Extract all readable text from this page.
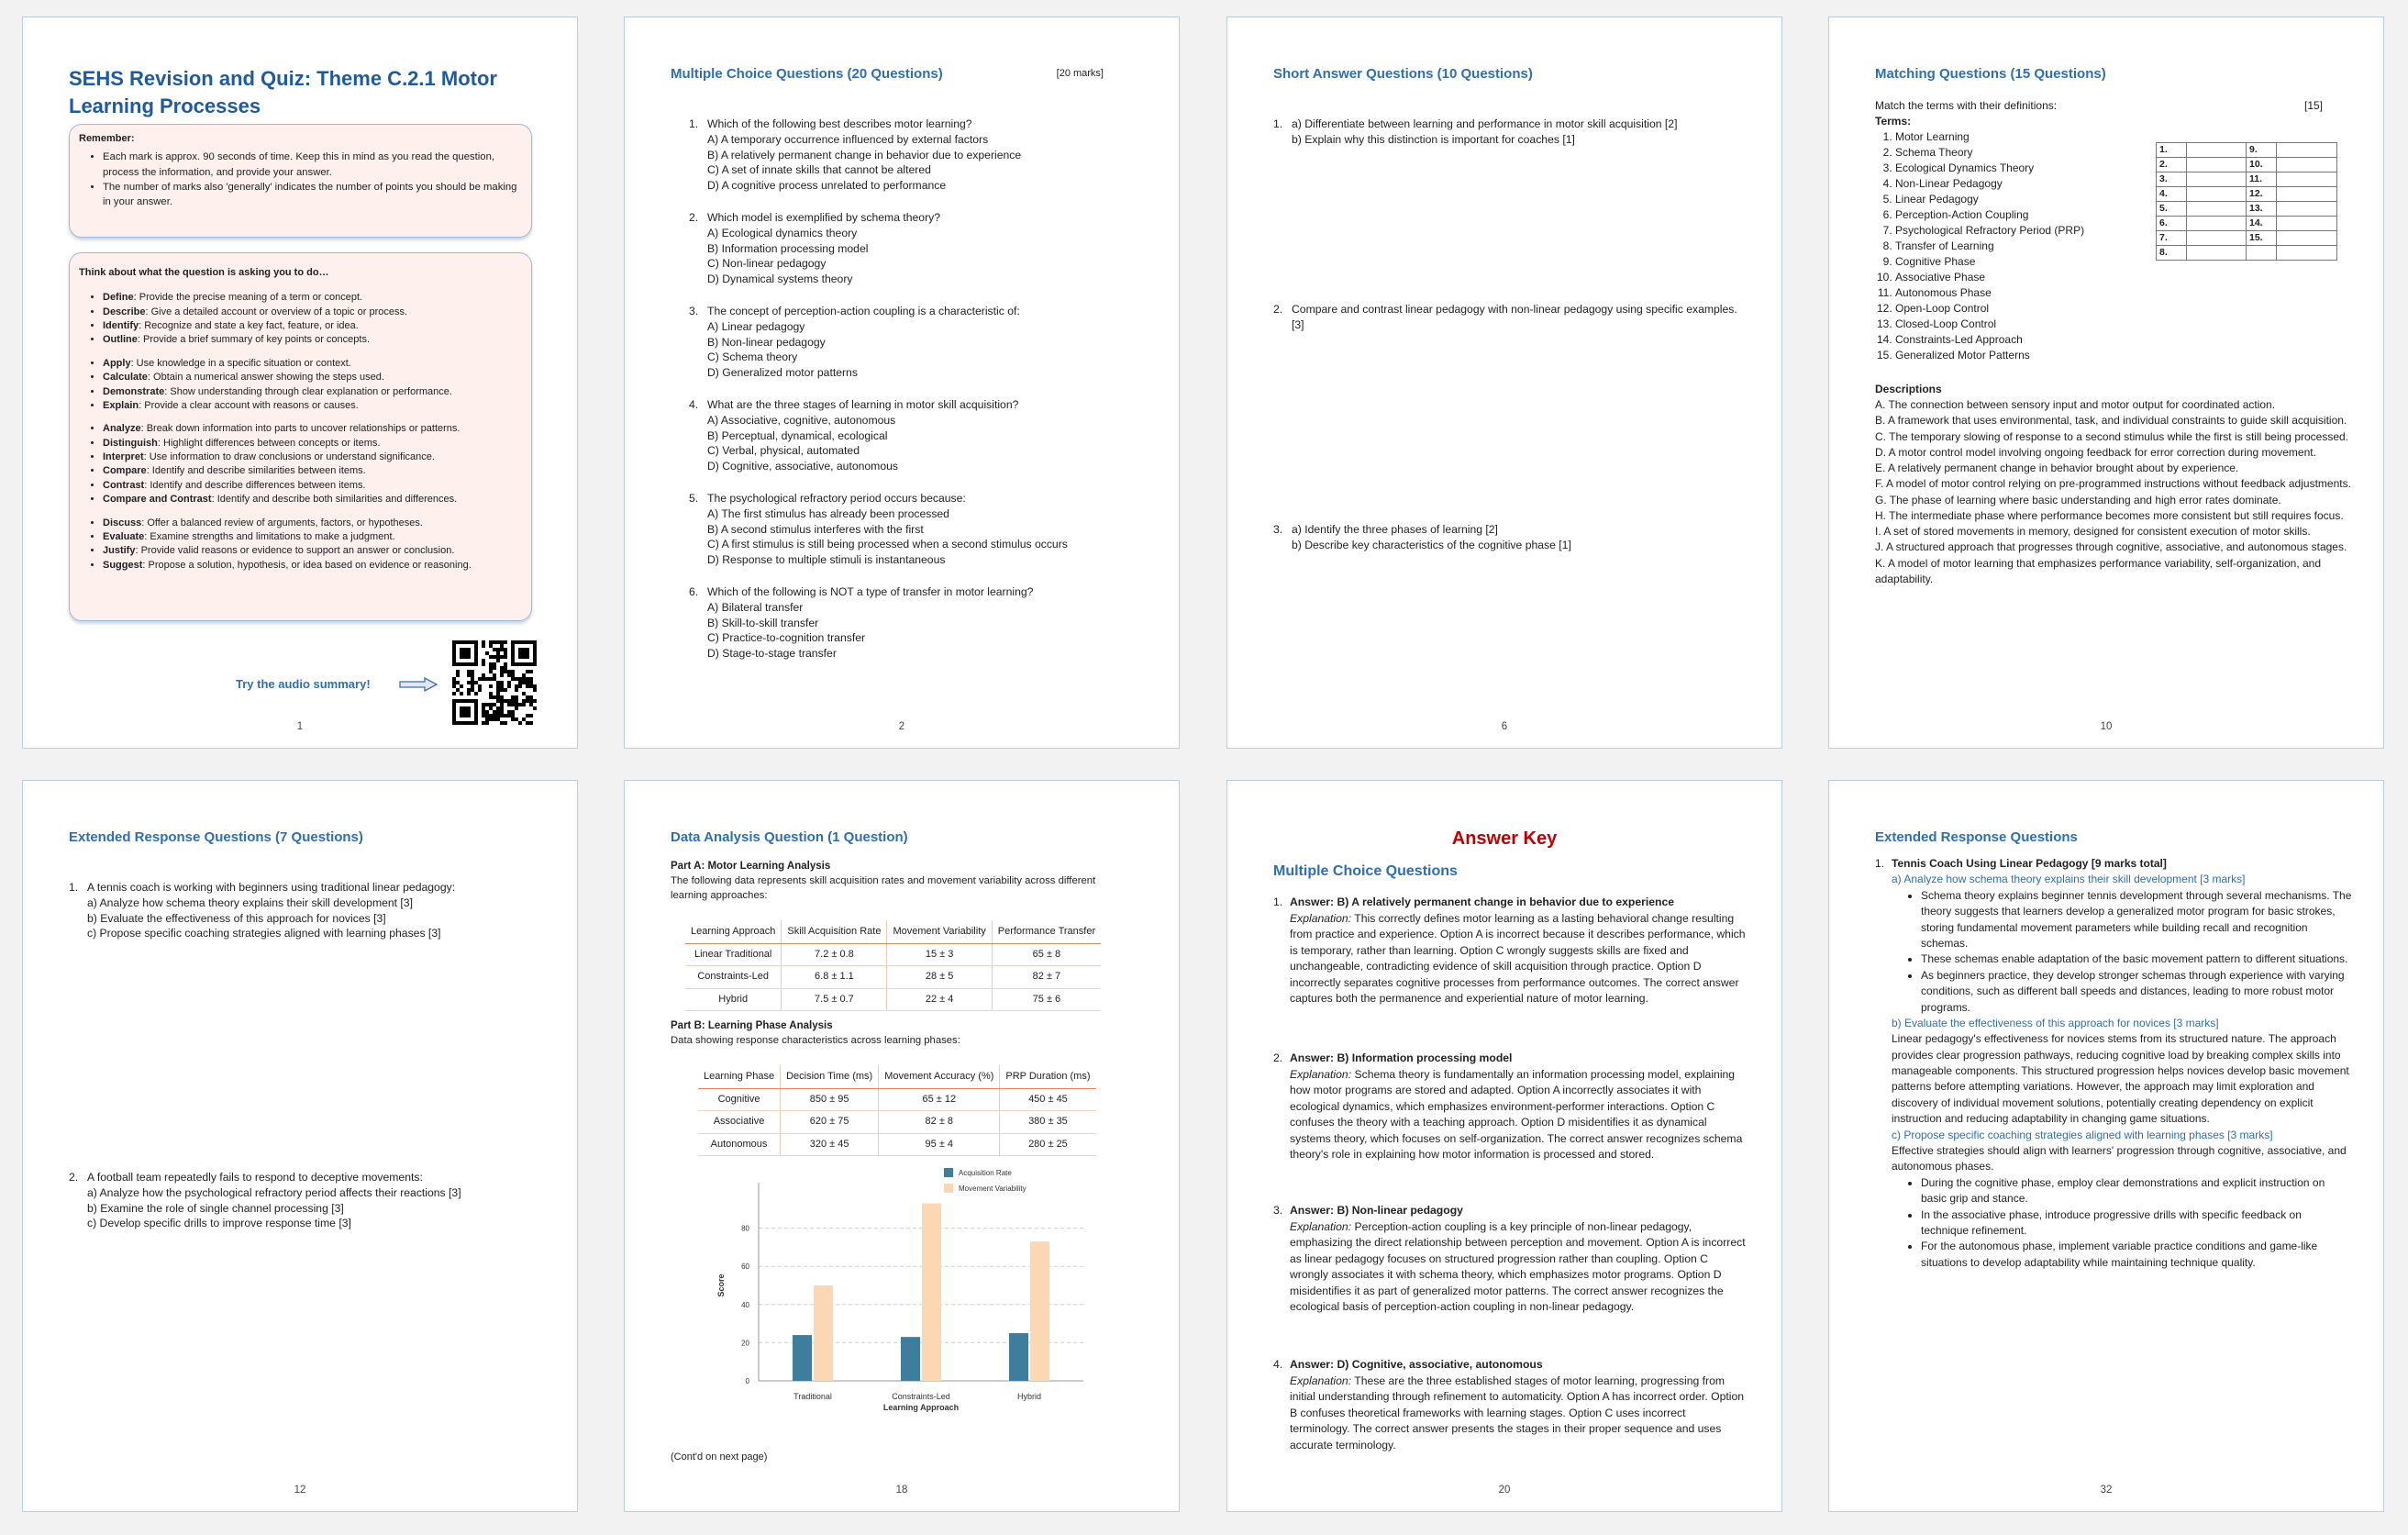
SEHS Revision and Quiz: Theme C.2.1 Motor Learning Processes
Remember:
• Each mark is approx. 90 seconds of time. Keep this in mind as you read the question, process the information, and provide your answer.
• The number of marks also 'generally' indicates the number of points you should be making in your answer.
Think about what the question is asking you to do…
• Define: Provide the precise meaning of a term or concept.
• Describe: Give a detailed account or overview of a topic or process.
• Identify: Recognize and state a key fact, feature, or idea.
• Outline: Provide a brief summary of key points or concepts.
• Apply: Use knowledge in a specific situation or context.
• Calculate: Obtain a numerical answer showing the steps used.
• Demonstrate: Show understanding through clear explanation or performance.
• Explain: Provide a clear account with reasons or causes.
• Analyze: Break down information into parts to uncover relationships or patterns.
• Distinguish: Highlight differences between concepts or items.
• Interpret: Use information to draw conclusions or understand significance.
• Compare: Identify and describe similarities between items.
• Contrast: Identify and describe differences between items.
• Compare and Contrast: Identify and describe both similarities and differences.
• Discuss: Offer a balanced review of arguments, factors, or hypotheses.
• Evaluate: Examine strengths and limitations to make a judgment.
• Justify: Provide valid reasons or evidence to support an answer or conclusion.
• Suggest: Propose a solution, hypothesis, or idea based on evidence or reasoning.
Try the audio summary!
1
Multiple Choice Questions (20 Questions)	[20 marks]
1. Which of the following best describes motor learning?
A) A temporary occurrence influenced by external factors
B) A relatively permanent change in behavior due to experience
C) A set of innate skills that cannot be altered
D) A cognitive process unrelated to performance
2. Which model is exemplified by schema theory?
A) Ecological dynamics theory
B) Information processing model
C) Non-linear pedagogy
D) Dynamical systems theory
3. The concept of perception-action coupling is a characteristic of:
A) Linear pedagogy
B) Non-linear pedagogy
C) Schema theory
D) Generalized motor patterns
4. What are the three stages of learning in motor skill acquisition?
A) Associative, cognitive, autonomous
B) Perceptual, dynamical, ecological
C) Verbal, physical, automated
D) Cognitive, associative, autonomous
5. The psychological refractory period occurs because:
A) The first stimulus has already been processed
B) A second stimulus interferes with the first
C) A first stimulus is still being processed when a second stimulus occurs
D) Response to multiple stimuli is instantaneous
6. Which of the following is NOT a type of transfer in motor learning?
A) Bilateral transfer
B) Skill-to-skill transfer
C) Practice-to-cognition transfer
D) Stage-to-stage transfer
2
Short Answer Questions (10 Questions)
1. a) Differentiate between learning and performance in motor skill acquisition [2]
b) Explain why this distinction is important for coaches [1]
2. Compare and contrast linear pedagogy with non-linear pedagogy using specific examples. [3]
3. a) Identify the three phases of learning [2]
b) Describe key characteristics of the cognitive phase [1]
6
Matching Questions (15 Questions)
Match the terms with their definitions:	[15]
Terms:
1. Motor Learning
2. Schema Theory
3. Ecological Dynamics Theory
4. Non-Linear Pedagogy
5. Linear Pedagogy
6. Perception-Action Coupling
7. Psychological Refractory Period (PRP)
8. Transfer of Learning
9. Cognitive Phase
10. Associative Phase
11. Autonomous Phase
12. Open-Loop Control
13. Closed-Loop Control
14. Constraints-Led Approach
15. Generalized Motor Patterns
1.		9.	
2.		10.	
3.		11.	
4.		12.	
5.		13.	
6.		14.	
7.		15.	
8.			
Descriptions
A. The connection between sensory input and motor output for coordinated action.
B. A framework that uses environmental, task, and individual constraints to guide skill acquisition.
C. The temporary slowing of response to a second stimulus while the first is still being processed.
D. A motor control model involving ongoing feedback for error correction during movement.
E. A relatively permanent change in behavior brought about by experience.
F. A model of motor control relying on pre-programmed instructions without feedback adjustments.
G. The phase of learning where basic understanding and high error rates dominate.
H. The intermediate phase where performance becomes more consistent but still requires focus.
I. A set of stored movements in memory, designed for consistent execution of motor skills.
J. A structured approach that progresses through cognitive, associative, and autonomous stages.
K. A model of motor learning that emphasizes performance variability, self-organization, and adaptability.
10
Extended Response Questions (7 Questions)
1. A tennis coach is working with beginners using traditional linear pedagogy:
a) Analyze how schema theory explains their skill development [3]
b) Evaluate the effectiveness of this approach for novices [3]
c) Propose specific coaching strategies aligned with learning phases [3]
2. A football team repeatedly fails to respond to deceptive movements:
a) Analyze how the psychological refractory period affects their reactions [3]
b) Examine the role of single channel processing [3]
c) Develop specific drills to improve response time [3]
12
Data Analysis Question (1 Question)
Part A: Motor Learning Analysis
The following data represents skill acquisition rates and movement variability across different learning approaches:
Learning Approach	Skill Acquisition Rate	Movement Variability	Performance Transfer
Linear Traditional	7.2 ± 0.8	15 ± 3	65 ± 8
Constraints-Led	6.8 ± 1.1	28 ± 5	82 ± 7
Hybrid	7.5 ± 0.7	22 ± 4	75 ± 6
Part B: Learning Phase Analysis
Data showing response characteristics across learning phases:
Learning Phase	Decision Time (ms)	Movement Accuracy (%)	PRP Duration (ms)
Cognitive	850 ± 95	65 ± 12	450 ± 45
Associative	620 ± 75	82 ± 8	380 ± 35
Autonomous	320 ± 45	95 ± 4	280 ± 25
0
20
40
60
80
Traditional	Constraints-Led	Hybrid
Learning Approach
Score
Acquisition Rate
Movement Variability
(Cont'd on next page)
18
Answer Key
Multiple Choice Questions
1. Answer: B) A relatively permanent change in behavior due to experience
Explanation: This correctly defines motor learning as a lasting behavioral change resulting from practice and experience. Option A is incorrect because it describes performance, which is temporary, rather than learning. Option C wrongly suggests skills are fixed and unchangeable, contradicting evidence of skill acquisition through practice. Option D incorrectly separates cognitive processes from performance outcomes. The correct answer captures both the permanence and experiential nature of motor learning.
2. Answer: B) Information processing model
Explanation: Schema theory is fundamentally an information processing model, explaining how motor programs are stored and adapted. Option A incorrectly associates it with ecological dynamics, which emphasizes environment-performer interactions. Option C confuses the theory with a teaching approach. Option D misidentifies it as dynamical systems theory, which focuses on self-organization. The correct answer recognizes schema theory's role in explaining how motor information is processed and stored.
3. Answer: B) Non-linear pedagogy
Explanation: Perception-action coupling is a key principle of non-linear pedagogy, emphasizing the direct relationship between perception and movement. Option A is incorrect as linear pedagogy focuses on structured progression rather than coupling. Option C wrongly associates it with schema theory, which emphasizes motor programs. Option D misidentifies it as part of generalized motor patterns. The correct answer recognizes the ecological basis of perception-action coupling in non-linear pedagogy.
4. Answer: D) Cognitive, associative, autonomous
Explanation: These are the three established stages of motor learning, progressing from initial understanding through refinement to automaticity. Option A has incorrect order. Option B confuses theoretical frameworks with learning stages. Option C uses incorrect terminology. The correct answer presents the stages in their proper sequence and uses accurate terminology.
20
Extended Response Questions
1. Tennis Coach Using Linear Pedagogy [9 marks total]
a) Analyze how schema theory explains their skill development [3 marks]
• Schema theory explains beginner tennis development through several mechanisms. The theory suggests that learners develop a generalized motor program for basic strokes, storing fundamental movement parameters while building recall and recognition schemas.
• These schemas enable adaptation of the basic movement pattern to different situations.
• As beginners practice, they develop stronger schemas through experience with varying conditions, such as different ball speeds and distances, leading to more robust motor programs.
b) Evaluate the effectiveness of this approach for novices [3 marks]
Linear pedagogy's effectiveness for novices stems from its structured nature. The approach provides clear progression pathways, reducing cognitive load by breaking complex skills into manageable components. This structured progression helps novices develop basic movement patterns before attempting variations. However, the approach may limit exploration and discovery of individual movement solutions, potentially creating dependency on explicit instruction and reducing adaptability in changing game situations.
c) Propose specific coaching strategies aligned with learning phases [3 marks]
Effective strategies should align with learners' progression through cognitive, associative, and autonomous phases.
• During the cognitive phase, employ clear demonstrations and explicit instruction on basic grip and stance.
• In the associative phase, introduce progressive drills with specific feedback on technique refinement.
• For the autonomous phase, implement variable practice conditions and game-like situations to develop adaptability while maintaining technique quality.
32
